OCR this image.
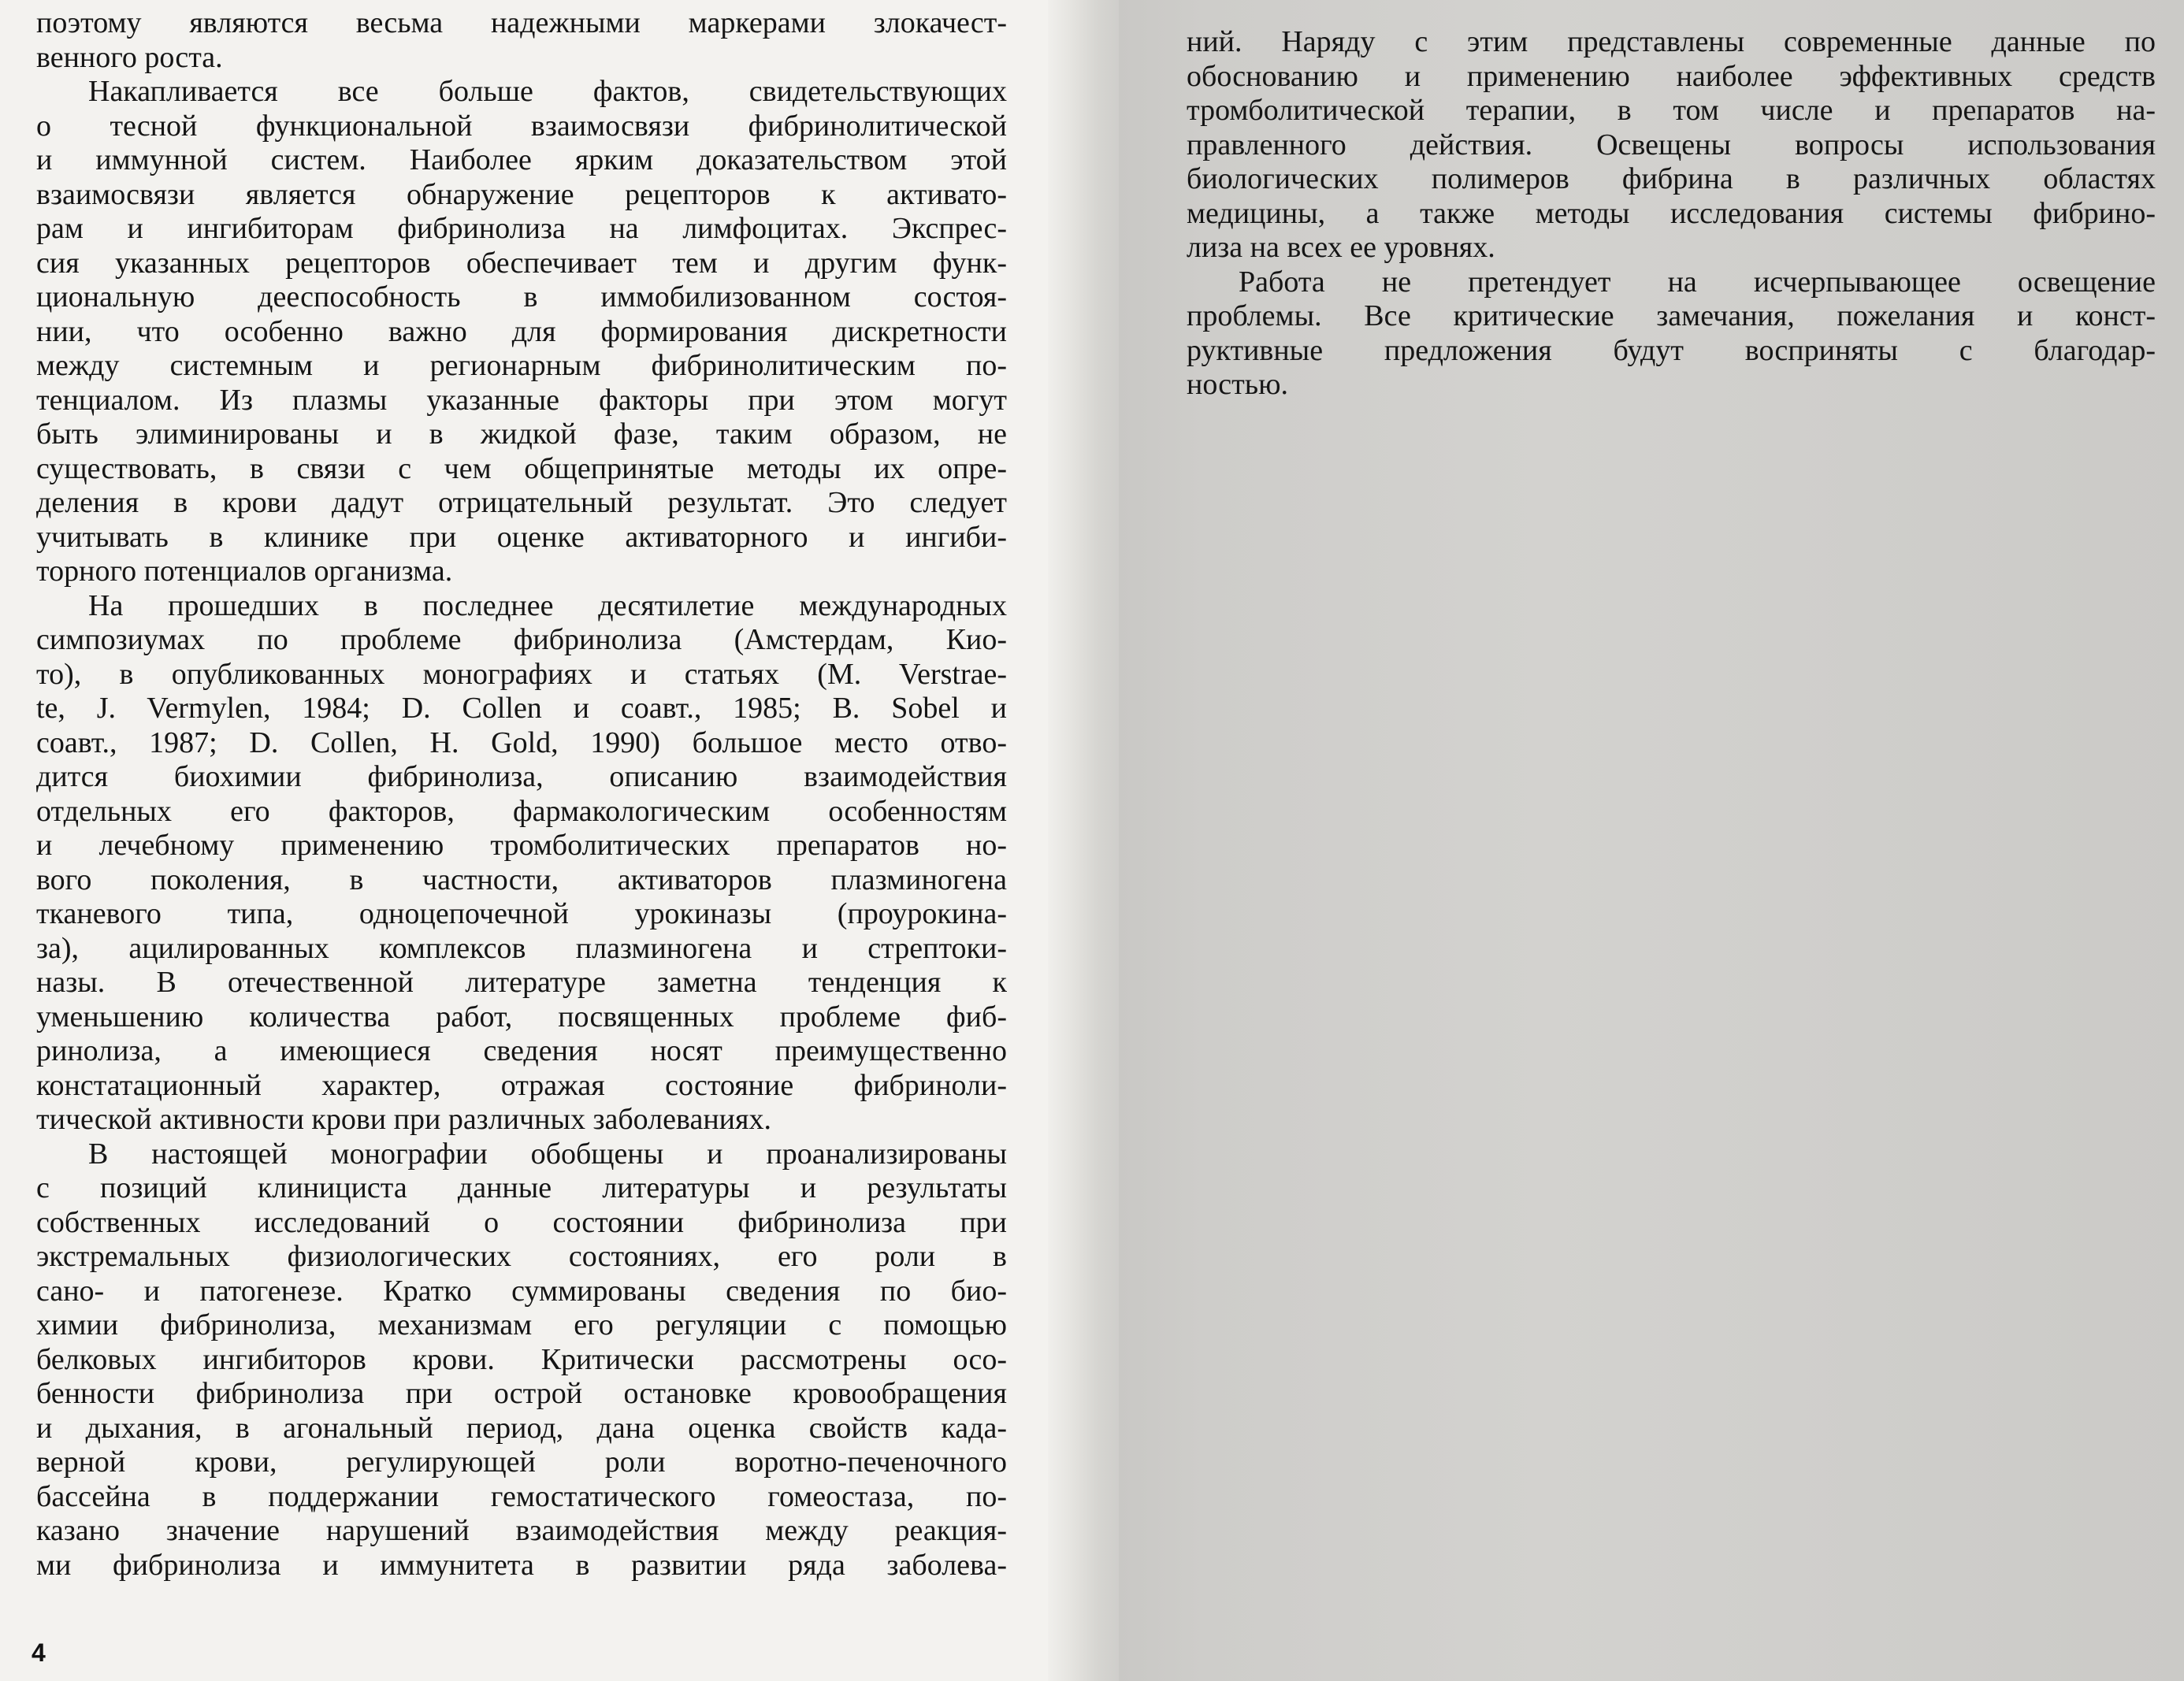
поэтому являются весьма надежными маркерами злокачест-
венного роста.
Накапливается все больше фактов, свидетельствующих
о тесной функциональной взаимосвязи фибринолитической
и иммунной систем. Наиболее ярким доказательством этой
взаимосвязи является обнаружение рецепторов к активато-
рам и ингибиторам фибринолиза на лимфоцитах. Экспрес-
сия указанных рецепторов обеспечивает тем и другим функ-
циональную дееспособность в иммобилизованном состоя-
нии, что особенно важно для формирования дискретности
между системным и регионарным фибринолитическим по-
тенциалом. Из плазмы указанные факторы при этом могут
быть элиминированы и в жидкой фазе, таким образом, не
существовать, в связи с чем общепринятые методы их опре-
деления в крови дадут отрицательный результат. Это следует
учитывать в клинике при оценке активаторного и ингиби-
торного потенциалов организма.
На прошедших в последнее десятилетие международных
симпозиумах по проблеме фибринолиза (Амстердам, Кио-
то), в опубликованных монографиях и статьях (M. Verstrae-
te, J. Vermylen, 1984; D. Collen и соавт., 1985; B. Sobel и
соавт., 1987; D. Collen, H. Gold, 1990) большое место отво-
дится биохимии фибринолиза, описанию взаимодействия
отдельных его факторов, фармакологическим особенностям
и лечебному применению тромболитических препаратов но-
вого поколения, в частности, активаторов плазминогена
тканевого типа, одноцепочечной урокиназы (проурокина-
за), ацилированных комплексов плазминогена и стрептоки-
назы. В отечественной литературе заметна тенденция к
уменьшению количества работ, посвященных проблеме фиб-
ринолиза, а имеющиеся сведения носят преимущественно
констатационный характер, отражая состояние фибриноли-
тической активности крови при различных заболеваниях.
В настоящей монографии обобщены и проанализированы
с позиций клинициста данные литературы и результаты
собственных исследований о состоянии фибринолиза при
экстремальных физиологических состояниях, его роли в
сано- и патогенезе. Кратко суммированы сведения по био-
химии фибринолиза, механизмам его регуляции с помощью
белковых ингибиторов крови. Критически рассмотрены осо-
бенности фибринолиза при острой остановке кровообращения
и дыхания, в агональный период, дана оценка свойств када-
верной крови, регулирующей роли воротно-печеночного
бассейна в поддержании гемостатического гомеостаза, по-
казано значение нарушений взаимодействия между реакция-
ми фибринолиза и иммунитета в развитии ряда заболева-
ний. Наряду с этим представлены современные данные по
обоснованию и применению наиболее эффективных средств
тромболитической терапии, в том числе и препаратов на-
правленного действия. Освещены вопросы использования
биологических полимеров фибрина в различных областях
медицины, а также методы исследования системы фибрино-
лиза на всех ее уровнях.
Работа не претендует на исчерпывающее освещение
проблемы. Все критические замечания, пожелания и конст-
руктивные предложения будут восприняты с благодар-
ностью.
4
